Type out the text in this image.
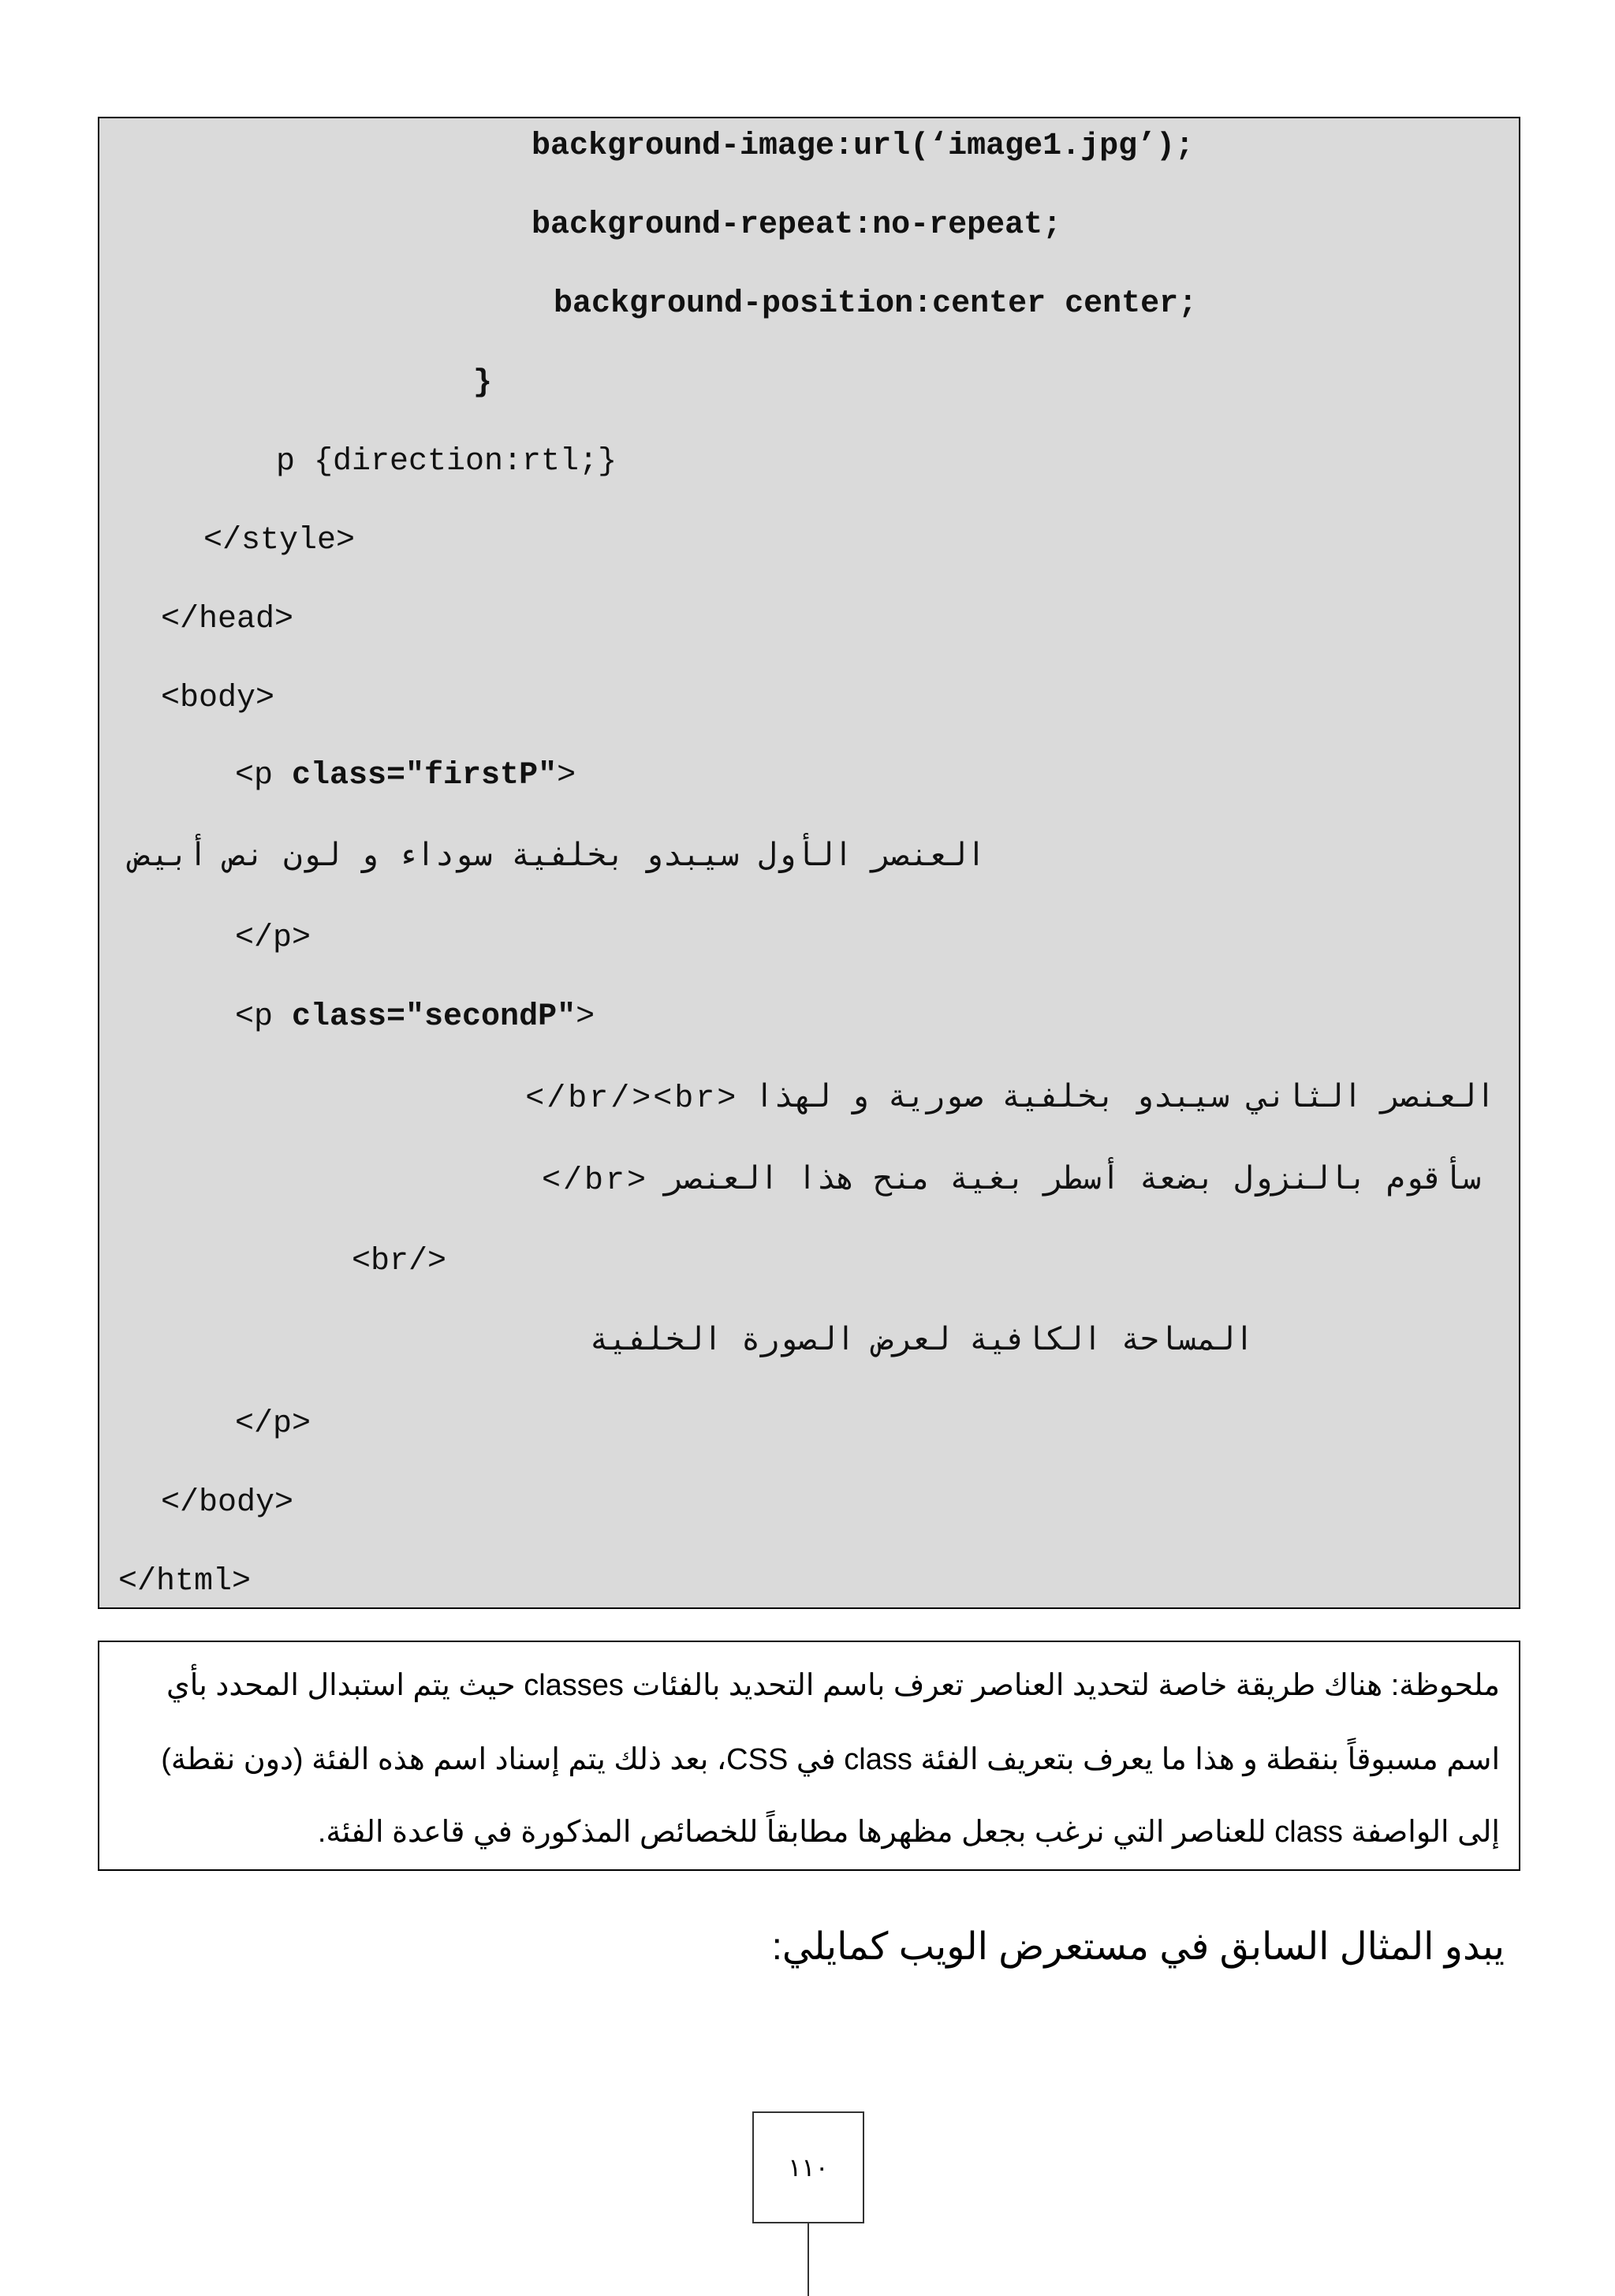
background-image:url(‘image1.jpg’);
background-repeat:no-repeat;
background-position:center center;
}
p {direction:rtl;}
</style>
</head>
<body>
<p class="firstP">
العنصر الأول سيبدو بخلفية سوداء و لون نص أبيض
</p>
<p class="secondP">
العنصر الثاني سيبدو بخلفية صورية و لهذا <br/><br/>
سأقوم بالنزول بضعة أسطر بغية منح هذا العنصر <br/>
<br/>
المساحة الكافية لعرض الصورة الخلفية
</p>
</body>
</html>
ملحوظة: هناك طريقة خاصة لتحديد العناصر تعرف باسم التحديد بالفئات classes حيث يتم استبدال المحدد بأي
اسم مسبوقاً بنقطة و هذا ما يعرف بتعريف الفئة class في CSS، بعد ذلك يتم إسناد اسم هذه الفئة (دون نقطة)
إلى الواصفة class للعناصر التي نرغب بجعل مظهرها مطابقاً للخصائص المذكورة في قاعدة الفئة.
يبدو المثال السابق في مستعرض الويب كمايلي:
١١٠
